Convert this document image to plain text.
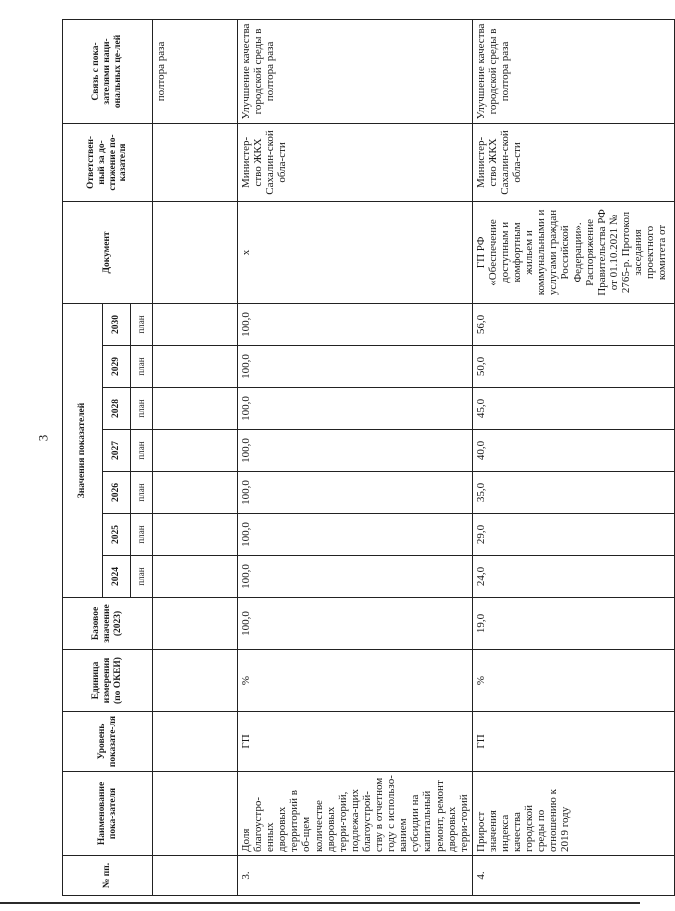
3
№ пп.	Наименование пока-зателя	Уровень показате-ля	Единица измерения (по ОКЕИ)	Базовое значение (2023)	Значения показателей							Документ	Ответствен-ный за до-стижение по-казателя	Связь с пока-зателями наци-ональных це-лей
					2024	2025	2026	2027	2028	2029	2030			
					план	план	план	план	план	план	план			
														полтора раза
3.	Доля благоустро-енных дворовых территорий в об-щем количестве дворовых терри-торий, подлежа-щих благоустрой-ству в отчетном году с использо-ванием субсидии на капитальный ремонт, ремонт дворовых терри-торий	ГП	%	100,0	100,0	100,0	100,0	100,0	100,0	100,0	100,0	x	Министер-ство ЖКХ Сахалин-ской обла-сти	Улучшение качества городской среды в полтора раза
4.	Прирост значения индекса качества городской среды по отношению к 2019 году	ГП	%	19,0	24,0	29,0	35,0	40,0	45,0	50,0	56,0	ГП РФ «Обеспечение доступным и комфортным жильем и коммунальными и услугами граждан Российской Федерации». Распоряжение Правительства РФ от 01.10.2021 № 2765-р. Протокол заседания проектного комитета от	Министер-ство ЖКХ Сахалин-ской обла-сти	Улучшение качества городской среды в полтора раза
